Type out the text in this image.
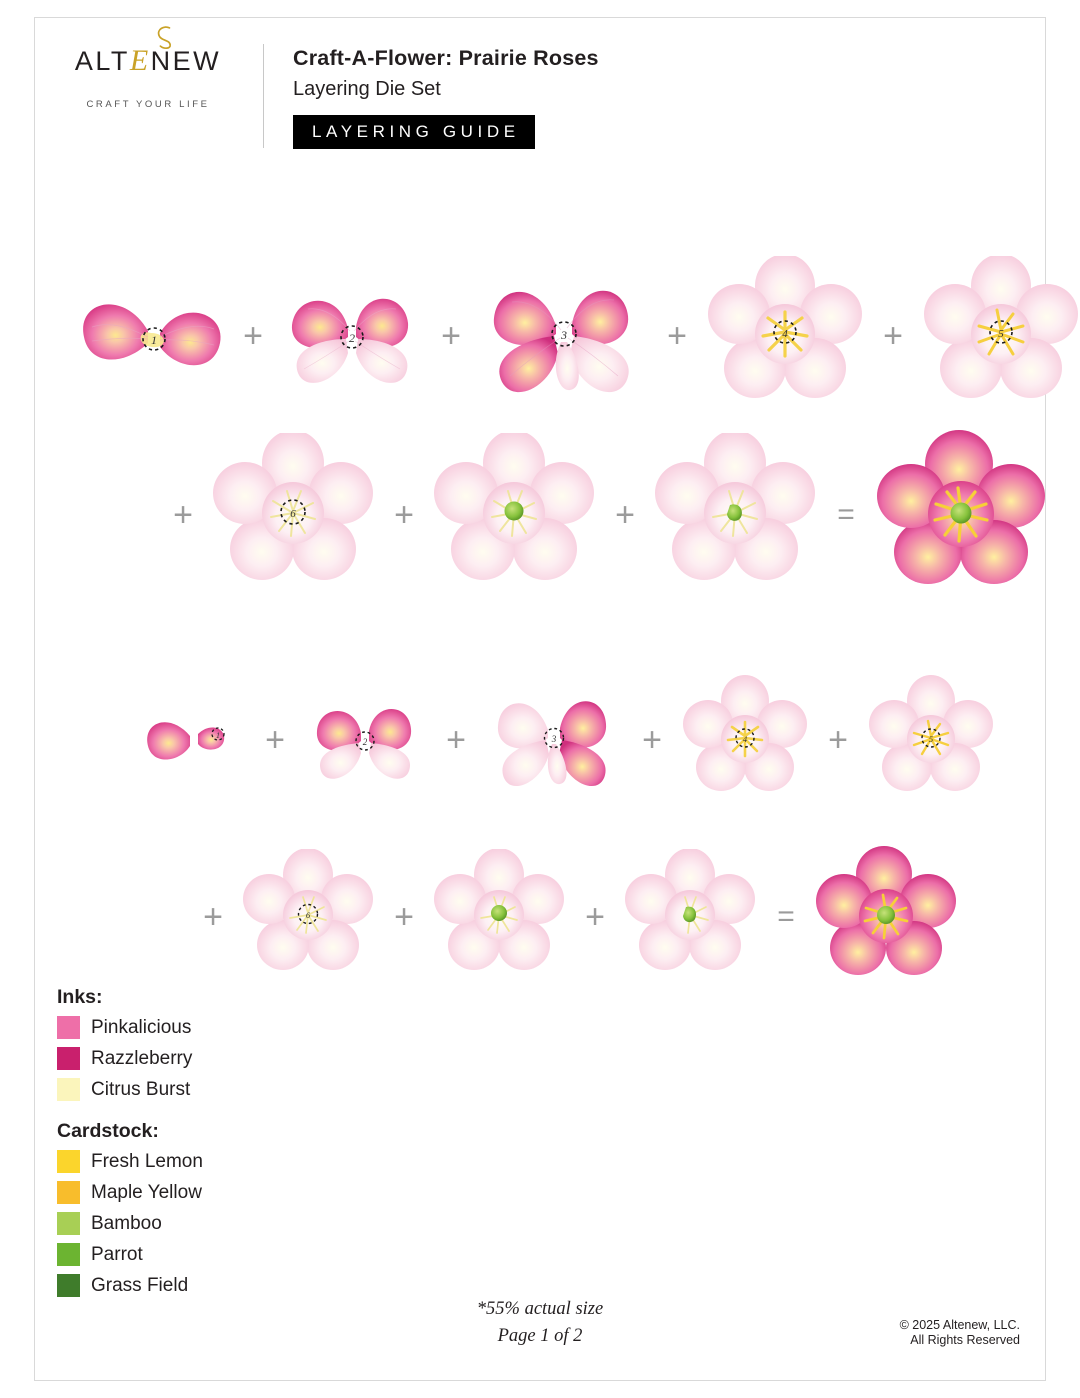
ALTENEW
CRAFT YOUR LIFE
Craft-A-Flower: Prairie Roses
Layering Die Set
LAYERING GUIDE
1	+	2	+	3	+	4	+	5
+	6	+	+	=
1	+	2	+	3	+	4	+	5
+	6	+	+	=
Inks:
Pinkalicious
Razzleberry
Citrus Burst
Cardstock:
Fresh Lemon
Maple Yellow
Bamboo
Parrot
Grass Field
*55% actual size
Page 1 of 2
© 2025 Altenew, LLC.
All Rights Reserved
